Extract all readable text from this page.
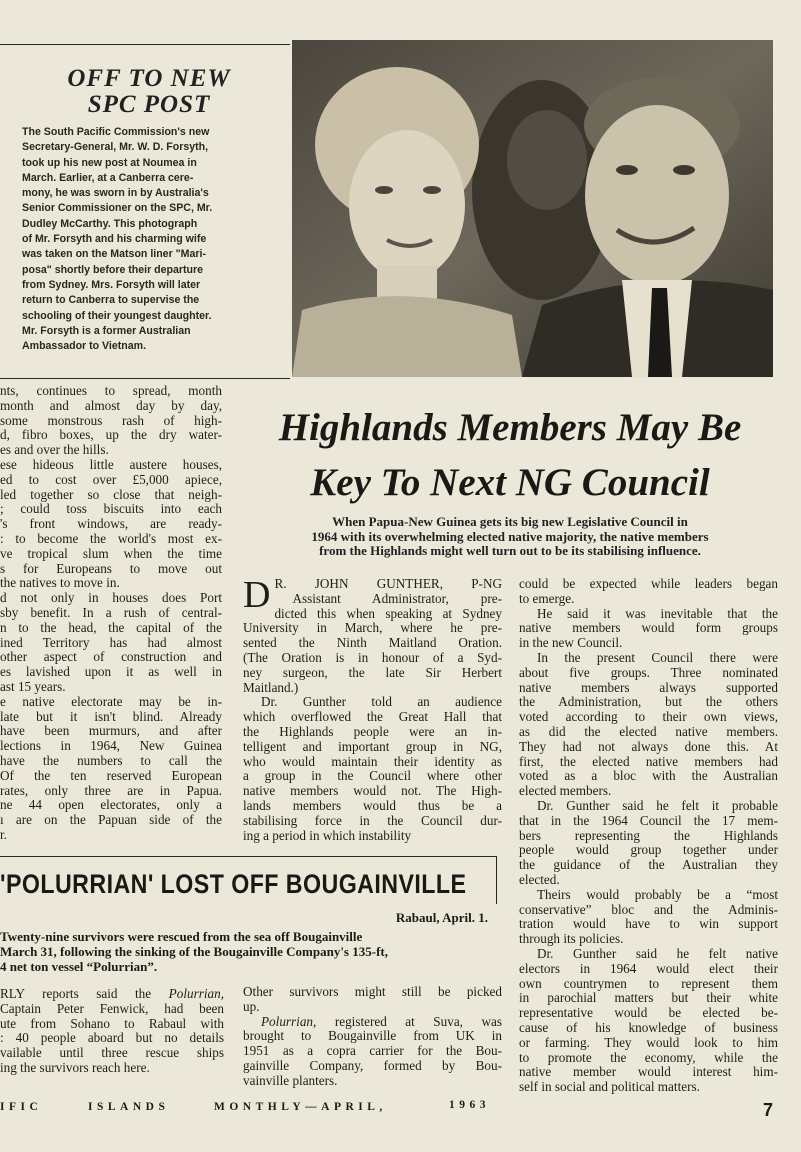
OFF TO NEW
SPC POST
The South Pacific Commission's new
Secretary-General, Mr. W. D. Forsyth,
took up his new post at Noumea in
March. Earlier, at a Canberra cere-
mony, he was sworn in by Australia's
Senior Commissioner on the SPC, Mr.
Dudley McCarthy. This photograph
of Mr. Forsyth and his charming wife
was taken on the Matson liner "Mari-
posa" shortly before their departure
from Sydney. Mrs. Forsyth will later
return to Canberra to supervise the
schooling of their youngest daughter.
Mr. Forsyth is a former Australian
Ambassador to Vietnam.
nts, continues to spread, month
month and almost day by day,
some monstrous rash of high-
d, fibro boxes, up the dry water-
es and over the hills.
ese hideous little austere houses,
ed to cost over £5,000 apiece,
led together so close that neigh-
; could toss biscuits into each
's front windows, are ready-
: to become the world's most ex-
ve tropical slum when the time
s for Europeans to move out
the natives to move in.
d not only in houses does Port
sby benefit. In a rush of central-
n to the head, the capital of the
ined Territory has had almost
other aspect of construction and
es lavished upon it as well in
ast 15 years.
e native electorate may be in-
late but it isn't blind. Already
have been murmurs, and after
lections in 1964, New Guinea
have the numbers to call the
Of the ten reserved European
rates, only three are in Papua.
ne 44 open electorates, only a
ı are on the Papuan side of the
r.
Highlands Members May Be
Key To Next NG Council
When Papua-New Guinea gets its big new Legislative Council in
1964 with its overwhelming elected native majority, the native members
from the Highlands might well turn out to be its stabilising influence.
D R. JOHN GUNTHER, P-NG
Assistant Administrator, pre-
dicted this when speaking at Sydney
University in March, where he pre-
sented the Ninth Maitland Oration.
(The Oration is in honour of a Syd-
ney surgeon, the late Sir Herbert
Maitland.)
Dr. Gunther told an audience
which overflowed the Great Hall that
the Highlands people were an in-
telligent and important group in NG,
who would maintain their identity as
a group in the Council where other
native members would not. The High-
lands members would thus be a
stabilising force in the Council dur-
ing a period in which instability
could be expected while leaders began
to emerge.
He said it was inevitable that the
native members would form groups
in the new Council.
In the present Council there were
about five groups. Three nominated
native members always supported
the Administration, but the others
voted according to their own views,
as did the elected native members.
They had not always done this. At
first, the elected native members had
voted as a bloc with the Australian
elected members.
Dr. Gunther said he felt it probable
that in the 1964 Council the 17 mem-
bers representing the Highlands
people would group together under
the guidance of the Australian they
elected.
Theirs would probably be a “most
conservative” bloc and the Adminis-
tration would have to win support
through its policies.
Dr. Gunther said he felt native
electors in 1964 would elect their
own countrymen to represent them
in parochial matters but their white
representative would be elected be-
cause of his knowledge of business
or farming. They would look to him
to promote the economy, while the
native member would interest him-
self in social and political matters.
'POLURRIAN' LOST OFF BOUGAINVILLE
Rabaul, April. 1.
Twenty-nine survivors were rescued from the sea off Bougainville
March 31, following the sinking of the Bougainville Company's 135-ft,
4 net ton vessel “Polurrian”.
RLY reports said the Polurrian,
Captain Peter Fenwick, had been
ute from Sohano to Rabaul with
: 40 people aboard but no details
vailable until three rescue ships
ing the survivors reach here.
Other survivors might still be picked
up.
Polurrian, registered at Suva, was
brought to Bougainville from UK in
1951 as a copra carrier for the Bou-
gainville Company, formed by Bou-
vainville planters.
IFIC	ISLANDS	MONTHLY—APRIL,	1963	7
